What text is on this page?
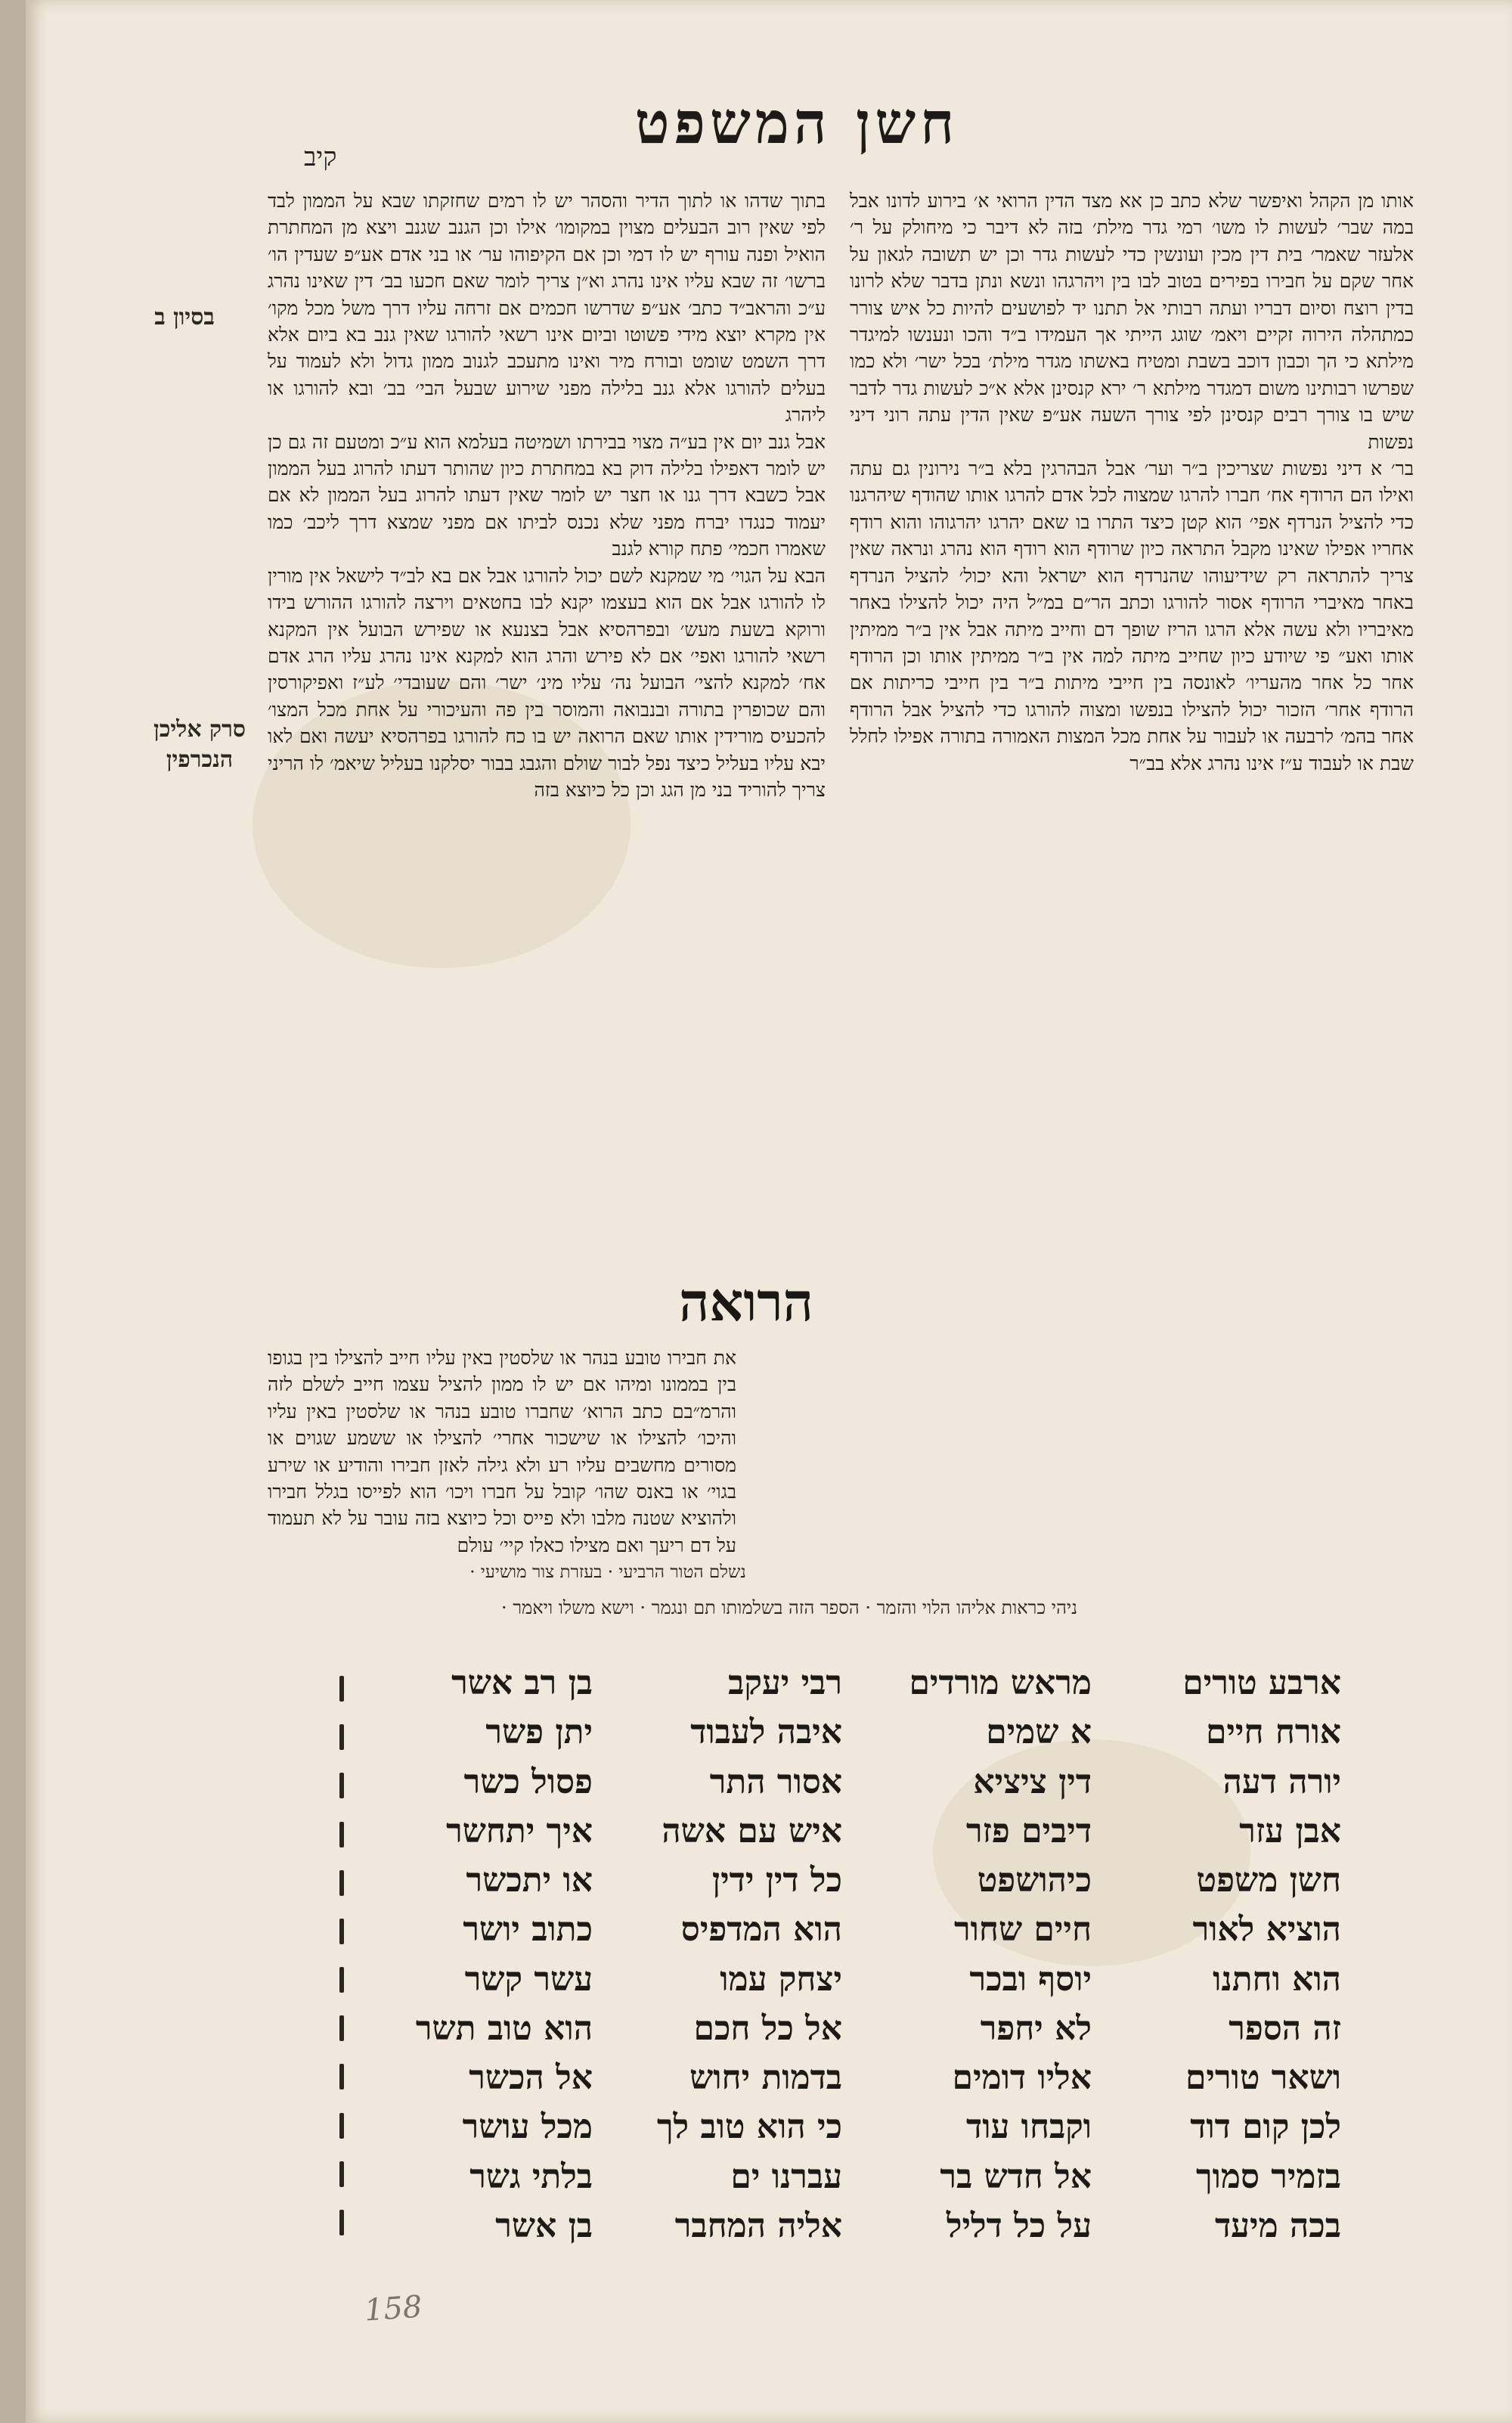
חשן המשפט
קיב

אותו מן הקהל ואיפשר שלא כתב כן אא מצד הדין הרואי א׳ בירוע לדונו אבל במה שבר׳ לעשות לו משו׳ רמי גדר מילת׳ בזה לא דיבר כי מיחולק על ר׳ אלעזר שאמר׳ בית דין מכין ועונשין כדי לעשות גדר וכן יש תשובה לגאון על אחר שקם על חבירו בפירים בטוב לבו בין ויהרגהו ונשא ונתן בדבר שלא לרונו בדין רוצח וסיום דבריו ועתה רבותי אל תתנו יד לפושעים להיות כל איש צורר כמתהלה הירוה זקיים ויאמ׳ שוגג הייתי אך העמידו ב״ד והכו ונענשו למיגדר מילתא כי הך וכבון דוכב בשבת ומטיח באשתו מגדר מילת׳ בכל ישר׳ ולא כמו שפרשו רבותינו משום דמגדר מילתא ר׳ ירא קנסינן אלא א״כ לעשות גדר לדבר שיש בו צורך רבים קנסינן לפי צורך השעה אע״פ שאין הדין עתה רוני דיני נפשות

בר׳ א דיני נפשות שצריכין ב״ר וער׳ אבל הבהרגין בלא ב״ר נירונין גם עתה ואילו הם הרודף אח׳ חברו להרגו שמצוה לכל אדם להרגו אותו שהודף שיהרגנו כדי להציל הנרדף אפי׳ הוא קטן כיצד התרו בו שאם יהרגו יהרגוהו והוא רודף אחריו אפילו שאינו מקבל התראה כיון שרודף הוא רודף הוא נהרג ונראה שאין צריך להתראה רק שידיעוהו שהנרדף הוא ישראל והא יכול׳ להציל הנרדף באחר מאיברי הרודף אסור להורגו וכתב הר״ם במ״ל היה יכול להצילו באחר מאיבריו ולא עשה אלא הרגו הריז שופך דם וחייב מיתה אבל אין ב״ר ממיתין אותו ואע״ פי שיודע כיון שחייב מיתה למה אין ב״ר ממיתין אותו וכן הרודף אחר כל אחר מהעריו׳ לאונסה בין חייבי מיתות ב״ר בין חייבי כריתות אם הרודף אחר׳ הזכור יכול להצילו בנפשו ומצוה להורגו כדי להציל אבל הרודף אחר בהמ׳ לרבעה או לעבור על אחת מכל המצות האמורה בתורה אפילו לחלל שבת או לעבוד ע״ז אינו נהרג אלא בב״ר

בתוך שדהו או לתוך הדיר והסהר יש לו רמים שחזקתו שבא על הממון לבד לפי שאין רוב הבעלים מצוין במקומו׳ אילו וכן הגנב שגנב ויצא מן המחתרת הואיל ופנה עורף יש לו דמי וכן אם הקיפוהו ער׳ או בני אדם אע״פ שעדין הו׳ ברשו׳ זה שבא עליו אינו נהרג וא״ן צריך לומר שאם חכעו בב׳ דין שאינו נהרג ע״כ והראב״ד כתב׳ אע״פ שדרשו חכמים אם זרחה עליו דרך משל מכל מקו׳ אין מקרא יוצא מידי פשוטו וביום אינו רשאי להורגו שאין גנב בא ביום אלא דרך השמט שומט ובורח מיר ואינו מתעכב לגנוב ממון גדול ולא לעמוד על בעלים להורגו אלא גנב בלילה מפני שירוע שבעל הבי׳ בב׳ ובא להורגו או ליהרג

אבל גנב יום אין בע״ה מצוי בבירתו ושמיטה בעלמא הוא ע״כ ומטעם זה גם כן יש לומר דאפילו בלילה דוק בא במחתרת כיון שהותר דעתו להרוג בעל הממון אבל כשבא דרך גנו או חצר יש לומר שאין דעתו להרוג בעל הממון לא אם יעמוד כנגדו יברח מפני שלא נכנס לביתו אם מפני שמצא דרך ליכב׳ כמו שאמרו חכמי׳ פתח קורא לגנב

הבא על הגוי׳ מי שמקנא לשם יכול להורגו אבל אם בא לב״ד לישאל אין מורין לו להורגו אבל אם הוא בעצמו יקנא לבו בחטאים וירצה להורגו ההורש בידו ורוקא בשעת מעש׳ ובפרהסיא אבל בצנעא או שפירש הבועל אין המקנא רשאי להורגו ואפי׳ אם לא פירש והרג הוא למקנא אינו נהרג עליו הרג אדם אח׳ למקנא להצי׳ הבועל נה׳ עליו מינ׳ ישר׳ והם שעובדי׳ לע״ז ואפיקורסין והם שכופרין בתורה ובנבואה והמוסר בין פה והעיכורי על אחת מכל המצו׳ להכעיס מורידין אותו שאם הרואה יש בו כח להורגו בפרהסיא יעשה ואם לאו יבא עליו בעליל כיצד נפל לבור שולם והגבג בבור יסלקנו בעליל שיאמ׳ לו הריני צריך להוריד בני מן הגג וכן כל כיוצא בזה

הרואה

את חבירו טובע בנהר או שלסטין באין עליו חייב להצילו בין בגופו בין בממונו ומיהו אם יש לו ממון להציל עצמו חייב לשלם לזה והרמ״בם כתב הרוא׳ שחברו טובע בנהר או שלסטין באין עליו והיכו׳ להצילו או שישכור אחרי׳ להצילו או ששמע שגוים או מסורים מחשבים עליו רע ולא גילה לאזן חבירו והודיע או שירע בגוי׳ או באנס שהו׳ קובל על חברו ויכו׳ הוא לפייסו בגלל חבירו ולהוציא שטנה מלבו ולא פייס וכל כיוצא בזה עובר על לא תעמוד על דם ריעך ואם מצילו כאלו קיי׳ עולם

בסיון ב
סרק אליכן הנכרפין
נשלם הטור הרביעי · בעזרת צור מושיעי ·
ניהי כראות אליהו הלוי והזמר · הספר הזה בשלמותו תם ונגמר · וישא משלו ויאמר ·
ארבע טורים
אורח חיים
יורה דעה
אבן עזר
חשן משפט
הוציא לאור
הוא וחתנו
זה הספר
ושאר טורים
לכן קום דוד
בזמיר סמוך
בכה מיעד
מראש מורדים
א שמים
דין ציציא
דיבים פזר
כיהושפט
חיים שחור
יוסף ובכר
לא יחפר
אליו דומים
וקבחו עוד
אל חדש בר
על כל דליל
רבי יעקב
איבה לעבוד
אסור התר
איש עם אשה
כל דין ידין
הוא המדפיס
יצחק עמו
אל כל חכם
בדמות יחוש
כי הוא טוב לך
עברנו ים
אליה המחבר
בן רב אשר
יתן פשר
פסול כשר
איך יתחשר
או יתכשר
כתוב יושר
עשר קשר
הוא טוב תשר
אל הכשר
מכל עושר
בלתי גשר
בן אשר
158
